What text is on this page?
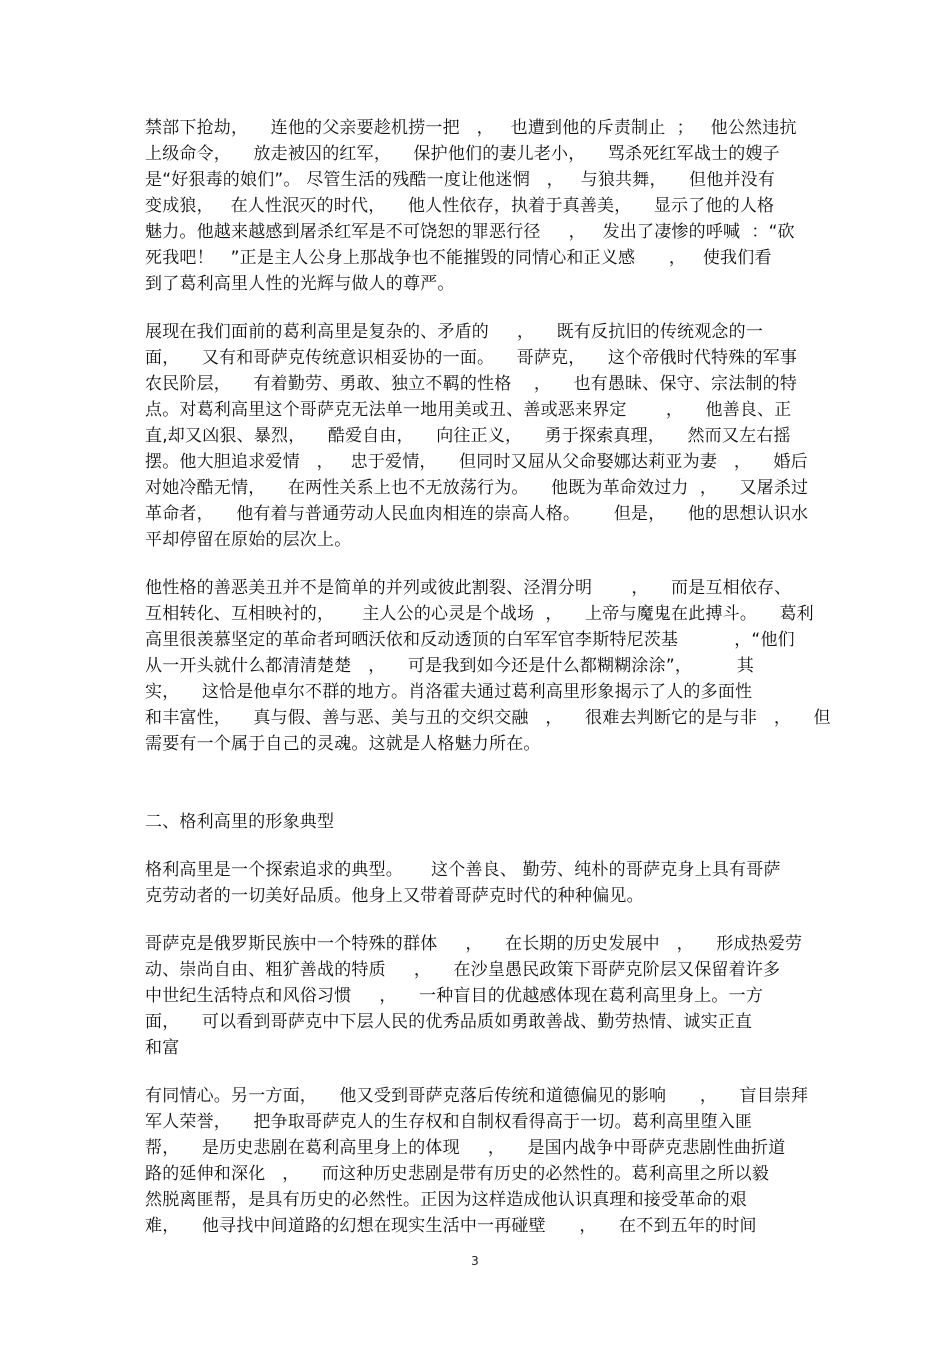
禁部下抢劫，    连他的父亲要趁机捞一把   ，   也遭到他的斥责制止  ；   他公然违抗
上级命令，    放走被囚的红军，    保护他们的妻儿老小，    骂杀死红军战士的嫂子
是“好狠毒的娘们”。 尽管生活的残酷一度让他迷惘   ，   与狼共舞，    但他并没有
变成狼，   在人性泯灭的时代，    他人性依存，执着于真善美，    显示了他的人格
魅力。他越来越感到屠杀红军是不可饶恕的罪恶行径     ，   发出了凄惨的呼喊  ：“砍
死我吧！   ”正是主人公身上那战争也不能摧毁的同情心和正义感      ，   使我们看
到了葛利高里人性的光辉与做人的尊严。
展现在我们面前的葛利高里是复杂的、矛盾的     ，    既有反抗旧的传统观念的一
面，    又有和哥萨克传统意识相妥协的一面。    哥萨克，    这个帝俄时代特殊的军事
农民阶层，    有着勤劳、勇敢、独立不羁的性格    ，    也有愚昧、保守、宗法制的特
点。对葛利高里这个哥萨克无法单一地用美或丑、善或恶来界定       ，    他善良、正
直,却又凶狠、暴烈，    酷爱自由，    向往正义，    勇于探索真理，    然而又左右摇
摆。他大胆追求爱情   ，   忠于爱情，    但同时又屈从父命娶娜达莉亚为妻   ，    婚后
对她冷酷无情，    在两性关系上也不无放荡行为。    他既为革命效过力  ，    又屠杀过
革命者，    他有着与普通劳动人民血肉相连的崇高人格。      但是，    他的思想认识水
平却停留在原始的层次上。
他性格的善恶美丑并不是简单的并列或彼此割裂、泾渭分明       ，    而是互相依存、
互相转化、互相映衬的，     主人公的心灵是个战场  ，    上帝与魔鬼在此搏斗。    葛利
高里很羡慕坚定的革命者珂晒沃依和反动透顶的白军军官李斯特尼茨基          ，“他们
从一开头就什么都清清楚楚   ，    可是我到如今还是什么都糊糊涂涂”，        其
实，    这恰是他卓尔不群的地方。肖洛霍夫通过葛利高里形象揭示了人的多面性
和丰富性，    真与假、善与恶、美与丑的交织交融   ，    很难去判断它的是与非   ，    但
需要有一个属于自己的灵魂。这就是人格魅力所在。
二、格利高里的形象典型
格利高里是一个探索追求的典型。     这个善良、 勤劳、纯朴的哥萨克身上具有哥萨
克劳动者的一切美好品质。他身上又带着哥萨克时代的种种偏见。
哥萨克是俄罗斯民族中一个特殊的群体     ，    在长期的历史发展中   ，    形成热爱劳
动、崇尚自由、粗犷善战的特质     ，    在沙皇愚民政策下哥萨克阶层又保留着许多
中世纪生活特点和风俗习惯     ，    一种盲目的优越感体现在葛利高里身上。一方
面，    可以看到哥萨克中下层人民的优秀品质如勇敢善战、勤劳热情、诚实正直
和富
有同情心。另一方面，    他又受到哥萨克落后传统和道德偏见的影响      ，    盲目崇拜
军人荣誉，    把争取哥萨克人的生存权和自制权看得高于一切。葛利高里堕入匪
帮，    是历史悲剧在葛利高里身上的体现     ，    是国内战争中哥萨克悲剧性曲折道
路的延伸和深化   ，    而这种历史悲剧是带有历史的必然性的。葛利高里之所以毅
然脱离匪帮，是具有历史的必然性。正因为这样造成他认识真理和接受革命的艰
难，    他寻找中间道路的幻想在现实生活中一再碰壁      ，    在不到五年的时间
3
